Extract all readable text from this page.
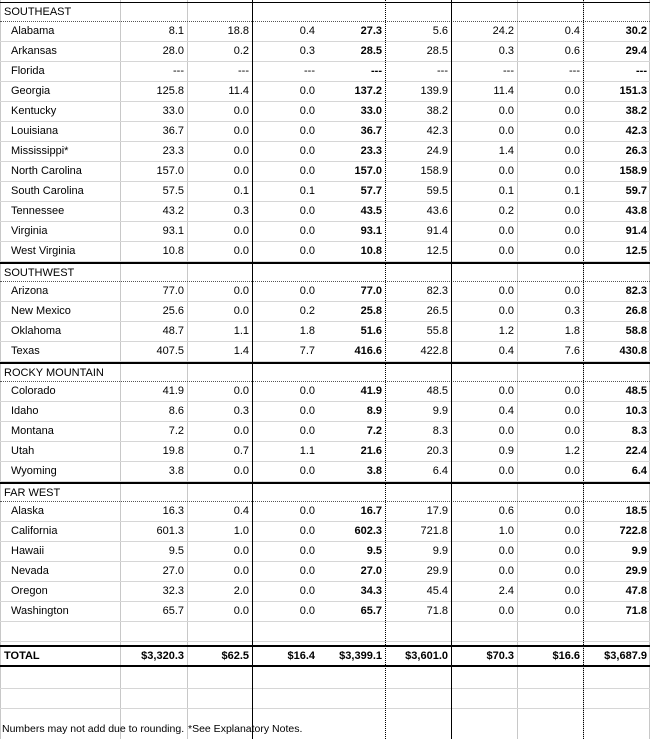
SOUTHEAST
Alabama	8.1	18.8	0.4	27.3	5.6	24.2	0.4	30.2
Arkansas	28.0	0.2	0.3	28.5	28.5	0.3	0.6	29.4
Florida	---	---	---	---	---	---	---	---
Georgia	125.8	11.4	0.0	137.2	139.9	11.4	0.0	151.3
Kentucky	33.0	0.0	0.0	33.0	38.2	0.0	0.0	38.2
Louisiana	36.7	0.0	0.0	36.7	42.3	0.0	0.0	42.3
Mississippi*	23.3	0.0	0.0	23.3	24.9	1.4	0.0	26.3
North Carolina	157.0	0.0	0.0	157.0	158.9	0.0	0.0	158.9
South Carolina	57.5	0.1	0.1	57.7	59.5	0.1	0.1	59.7
Tennessee	43.2	0.3	0.0	43.5	43.6	0.2	0.0	43.8
Virginia	93.1	0.0	0.0	93.1	91.4	0.0	0.0	91.4
West Virginia	10.8	0.0	0.0	10.8	12.5	0.0	0.0	12.5
SOUTHWEST
Arizona	77.0	0.0	0.0	77.0	82.3	0.0	0.0	82.3
New Mexico	25.6	0.0	0.2	25.8	26.5	0.0	0.3	26.8
Oklahoma	48.7	1.1	1.8	51.6	55.8	1.2	1.8	58.8
Texas	407.5	1.4	7.7	416.6	422.8	0.4	7.6	430.8
ROCKY MOUNTAIN
Colorado	41.9	0.0	0.0	41.9	48.5	0.0	0.0	48.5
Idaho	8.6	0.3	0.0	8.9	9.9	0.4	0.0	10.3
Montana	7.2	0.0	0.0	7.2	8.3	0.0	0.0	8.3
Utah	19.8	0.7	1.1	21.6	20.3	0.9	1.2	22.4
Wyoming	3.8	0.0	0.0	3.8	6.4	0.0	0.0	6.4
FAR WEST
Alaska	16.3	0.4	0.0	16.7	17.9	0.6	0.0	18.5
California	601.3	1.0	0.0	602.3	721.8	1.0	0.0	722.8
Hawaii	9.5	0.0	0.0	9.5	9.9	0.0	0.0	9.9
Nevada	27.0	0.0	0.0	27.0	29.9	0.0	0.0	29.9
Oregon	32.3	2.0	0.0	34.3	45.4	2.4	0.0	47.8
Washington	65.7	0.0	0.0	65.7	71.8	0.0	0.0	71.8
TOTAL	$3,320.3	$62.5	$16.4	$3,399.1	$3,601.0	$70.3	$16.6	$3,687.9
Numbers may not add due to rounding. *See Explanatory Notes.
